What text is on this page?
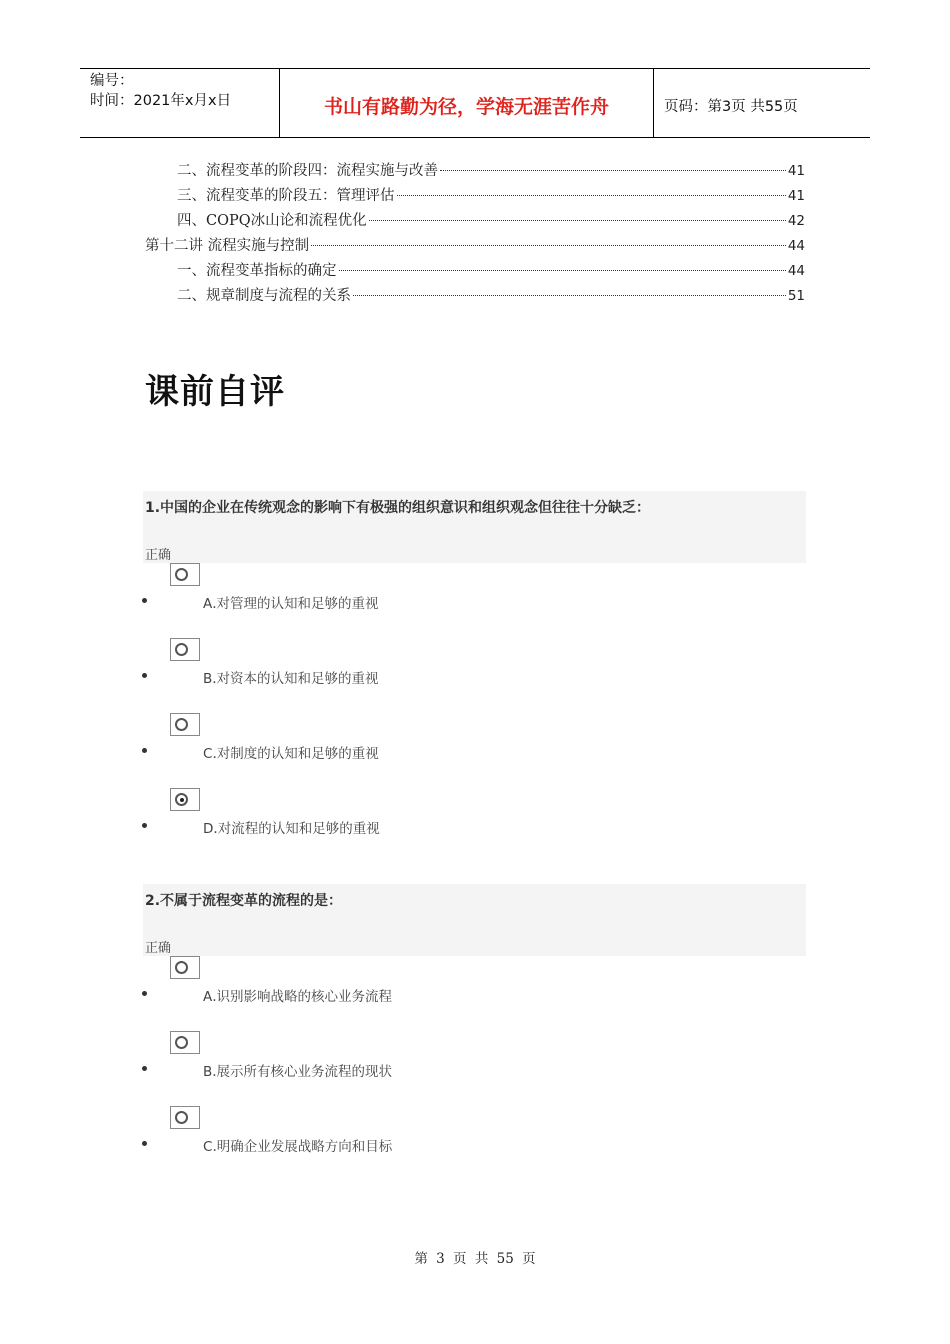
编号：
时间：2021年x月x日	书山有路勤为径，学海无涯苦作舟	页码：第3页 共55页
二、流程变革的阶段四：流程实施与改善	41
三、流程变革的阶段五：管理评估	41
四、COPQ冰山论和流程优化	42
第十二讲 流程实施与控制	44
一、流程变革指标的确定	44
二、规章制度与流程的关系	51
课前自评
1.中国的企业在传统观念的影响下有极强的组织意识和组织观念但往往十分缺乏：
正确
A.对管理的认知和足够的重视
B.对资本的认知和足够的重视
C.对制度的认知和足够的重视
D.对流程的认知和足够的重视
2.不属于流程变革的流程的是：
正确
A.识别影响战略的核心业务流程
B.展示所有核心业务流程的现状
C.明确企业发展战略方向和目标
第 3 页 共 55 页
